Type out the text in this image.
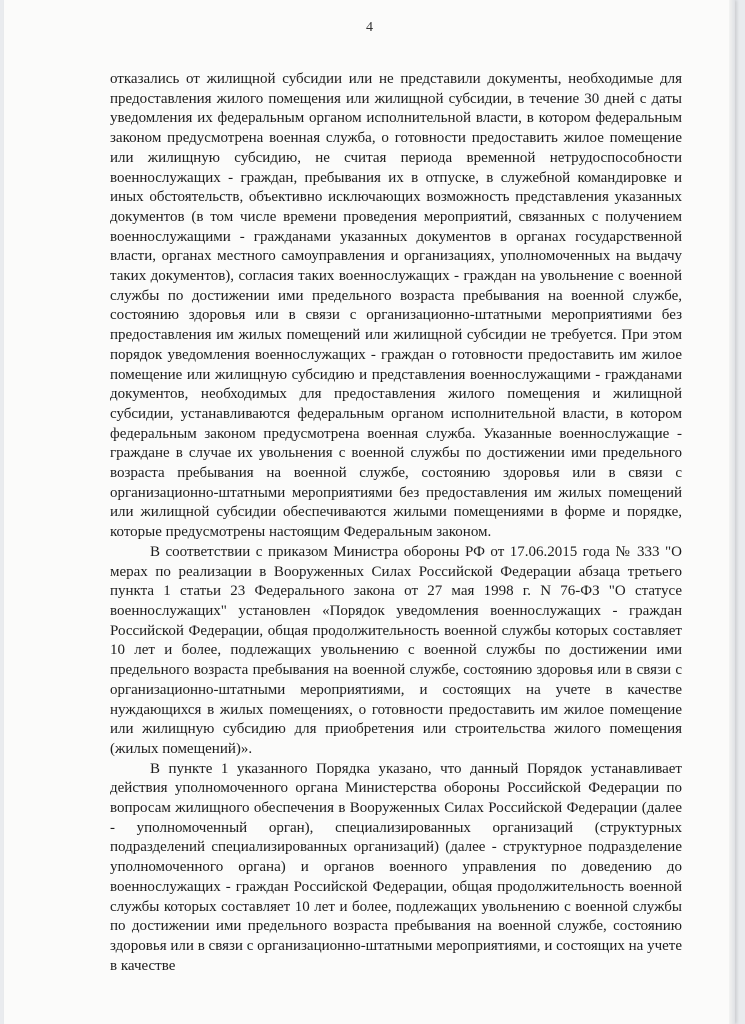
4

отказались от жилищной субсидии или не представили документы, необходимые для предоставления жилого помещения или жилищной субсидии, в течение 30 дней с даты уведомления их федеральным органом исполнительной власти, в котором федеральным законом предусмотрена военная служба, о готовности предоставить жилое помещение или жилищную субсидию, не считая периода временной нетрудоспособности военнослужащих - граждан, пребывания их в отпуске, в служебной командировке и иных обстоятельств, объективно исключающих возможность представления указанных документов (в том числе времени проведения мероприятий, связанных с получением военнослужащими - гражданами указанных документов в органах государственной власти, органах местного самоуправления и организациях, уполномоченных на выдачу таких документов), согласия таких военнослужащих - граждан на увольнение с военной службы по достижении ими предельного возраста пребывания на военной службе, состоянию здоровья или в связи с организационно-штатными мероприятиями без предоставления им жилых помещений или жилищной субсидии не требуется. При этом порядок уведомления военнослужащих - граждан о готовности предоставить им жилое помещение или жилищную субсидию и представления военнослужащими - гражданами документов, необходимых для предоставления жилого помещения и жилищной субсидии, устанавливаются федеральным органом исполнительной власти, в котором федеральным законом предусмотрена военная служба. Указанные военнослужащие - граждане в случае их увольнения с военной службы по достижении ими предельного возраста пребывания на военной службе, состоянию здоровья или в связи с организационно-штатными мероприятиями без предоставления им жилых помещений или жилищной субсидии обеспечиваются жилыми помещениями в форме и порядке, которые предусмотрены настоящим Федеральным законом.

В соответствии с приказом Министра обороны РФ от 17.06.2015 года № 333 "О мерах по реализации в Вооруженных Силах Российской Федерации абзаца третьего пункта 1 статьи 23 Федерального закона от 27 мая 1998 г. N 76-ФЗ "О статусе военнослужащих" установлен «Порядок уведомления военнослужащих - граждан Российской Федерации, общая продолжительность военной службы которых составляет 10 лет и более, подлежащих увольнению с военной службы по достижении ими предельного возраста пребывания на военной службе, состоянию здоровья или в связи с организационно-штатными мероприятиями, и состоящих на учете в качестве нуждающихся в жилых помещениях, о готовности предоставить им жилое помещение или жилищную субсидию для приобретения или строительства жилого помещения (жилых помещений)».

В пункте 1 указанного Порядка указано, что данный Порядок устанавливает действия уполномоченного органа Министерства обороны Российской Федерации по вопросам жилищного обеспечения в Вооруженных Силах Российской Федерации (далее - уполномоченный орган), специализированных организаций (структурных подразделений специализированных организаций) (далее - структурное подразделение уполномоченного органа) и органов военного управления по доведению до военнослужащих - граждан Российской Федерации, общая продолжительность военной службы которых составляет 10 лет и более, подлежащих увольнению с военной службы по достижении ими предельного возраста пребывания на военной службе, состоянию здоровья или в связи с организационно-штатными мероприятиями, и состоящих на учете в качестве
